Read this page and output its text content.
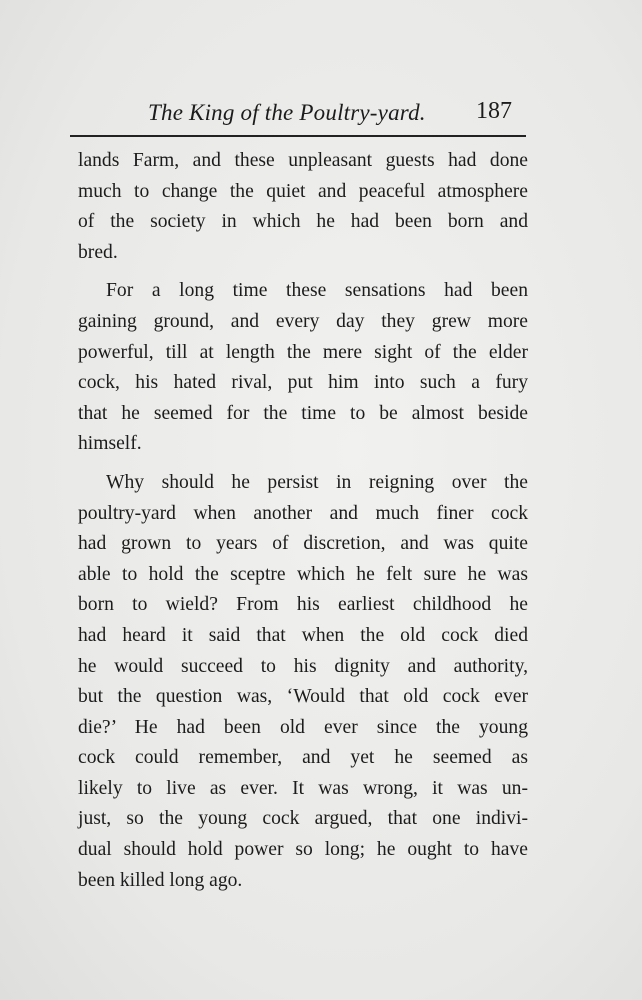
The King of the Poultry-yard. 187
lands Farm, and these unpleasant guests had done
much to change the quiet and peaceful atmosphere
of the society in which he had been born and
bred.
For a long time these sensations had been
gaining ground, and every day they grew more
powerful, till at length the mere sight of the elder
cock, his hated rival, put him into such a fury
that he seemed for the time to be almost beside
himself.
Why should he persist in reigning over the
poultry-yard when another and much finer cock
had grown to years of discretion, and was quite
able to hold the sceptre which he felt sure he was
born to wield? From his earliest childhood he
had heard it said that when the old cock died
he would succeed to his dignity and authority,
but the question was, ‘Would that old cock ever
die?’ He had been old ever since the young
cock could remember, and yet he seemed as
likely to live as ever. It was wrong, it was un-
just, so the young cock argued, that one indivi-
dual should hold power so long; he ought to have
been killed long ago.
